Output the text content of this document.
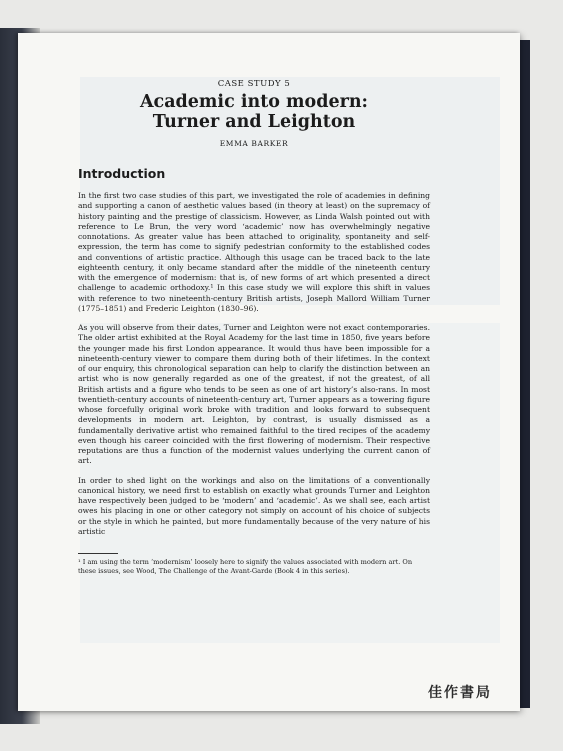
CASE STUDY 5

Academic into modern:
Turner and Leighton

EMMA BARKER

Introduction

In the first two case studies of this part, we investigated the role of academies in defining and supporting a canon of aesthetic values based (in theory at least) on the supremacy of history painting and the prestige of classicism. However, as Linda Walsh pointed out with reference to Le Brun, the very word ‘academic’ now has overwhelmingly negative connotations. As greater value has been attached to originality, spontaneity and self-expression, the term has come to signify pedestrian conformity to the established codes and conventions of artistic practice. Although this usage can be traced back to the late eighteenth century, it only became standard after the middle of the nineteenth century with the emergence of modernism: that is, of new forms of art which presented a direct challenge to academic orthodoxy.¹ In this case study we will explore this shift in values with reference to two nineteenth-century British artists, Joseph Mallord William Turner (1775–1851) and Frederic Leighton (1830–96).

As you will observe from their dates, Turner and Leighton were not exact contemporaries. The older artist exhibited at the Royal Academy for the last time in 1850, five years before the younger made his first London appearance. It would thus have been impossible for a nineteenth-century viewer to compare them during both of their lifetimes. In the context of our enquiry, this chronological separation can help to clarify the distinction between an artist who is now generally regarded as one of the greatest, if not the greatest, of all British artists and a figure who tends to be seen as one of art history’s also-rans. In most twentieth-century accounts of nineteenth-century art, Turner appears as a towering figure whose forcefully original work broke with tradition and looks forward to subsequent developments in modern art. Leighton, by contrast, is usually dismissed as a fundamentally derivative artist who remained faithful to the tired recipes of the academy even though his career coincided with the first flowering of modernism. Their respective reputations are thus a function of the modernist values underlying the current canon of art.

In order to shed light on the workings and also on the limitations of a conventionally canonical history, we need first to establish on exactly what grounds Turner and Leighton have respectively been judged to be ‘modern’ and ‘academic’. As we shall see, each artist owes his placing in one or other category not simply on account of his choice of subjects or the style in which he painted, but more fundamentally because of the very nature of his artistic

¹ I am using the term ‘modernism’ loosely here to signify the values associated with modern art. On these issues, see Wood, The Challenge of the Avant-Garde (Book 4 in this series).

佳作書局
